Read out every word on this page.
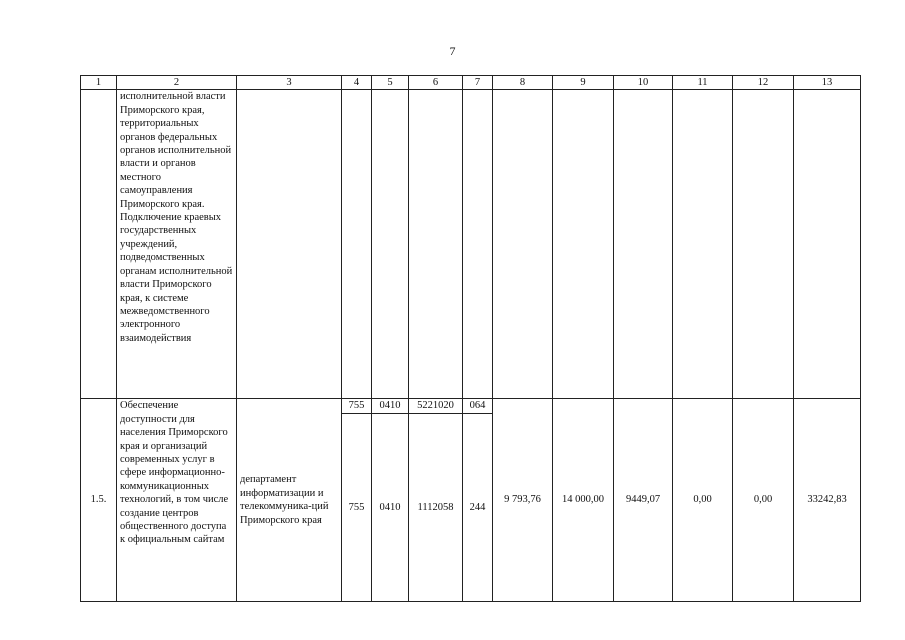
7
1	2	3	4	5	6	7	8	9	10	11	12	13
	исполнительной власти Приморского края, территориальных органов федеральных органов исполнительной власти и органов местного самоуправления Приморского края. Подключение краевых государственных учреждений, подведомственных органам исполнительной власти Приморского края, к системе межведомственного электронного взаимодействия											
1.5.	Обеспечение доступности для населения Приморского края и организаций современных услуг в сфере информационно-коммуникационных технологий, в том числе создание центров общественного доступа к официальным сайтам	департамент информатизации и телекоммуника-ций Приморского края	755	0410	5221020	064	9 793,76	14 000,00	9449,07	0,00	0,00	33242,83
			755	0410	1112058	244						
